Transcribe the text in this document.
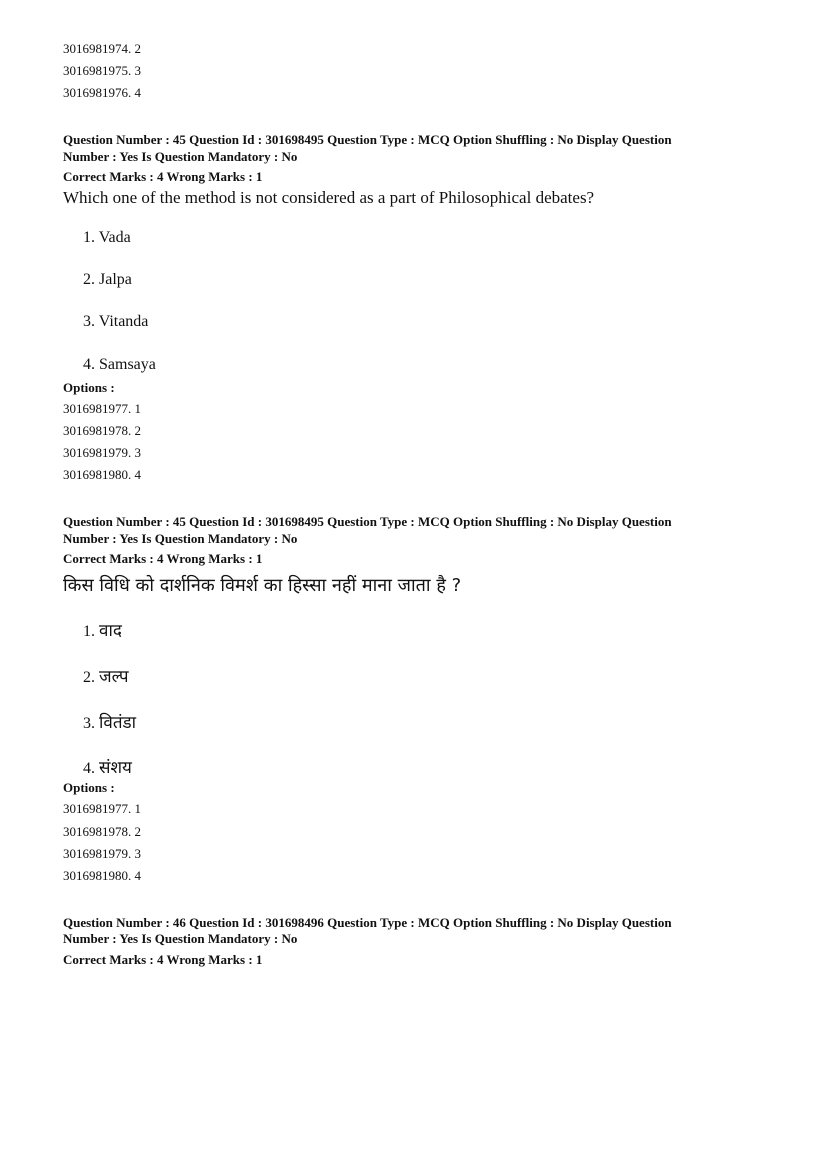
3016981974. 2
3016981975. 3
3016981976. 4
Question Number : 45 Question Id : 301698495 Question Type : MCQ Option Shuffling : No Display Question
Number : Yes Is Question Mandatory : No
Correct Marks : 4 Wrong Marks : 1
Which one of the method is not considered as a part of Philosophical debates?
1. Vada
2. Jalpa
3. Vitanda
4. Samsaya
Options :
3016981977. 1
3016981978. 2
3016981979. 3
3016981980. 4
Question Number : 45 Question Id : 301698495 Question Type : MCQ Option Shuffling : No Display Question
Number : Yes Is Question Mandatory : No
Correct Marks : 4 Wrong Marks : 1
किस विधि को दार्शनिक विमर्श का हिस्सा नहीं माना जाता है ?
1. वाद
2. जल्प
3. वितंडा
4. संशय
Options :
3016981977. 1
3016981978. 2
3016981979. 3
3016981980. 4
Question Number : 46 Question Id : 301698496 Question Type : MCQ Option Shuffling : No Display Question
Number : Yes Is Question Mandatory : No
Correct Marks : 4 Wrong Marks : 1
